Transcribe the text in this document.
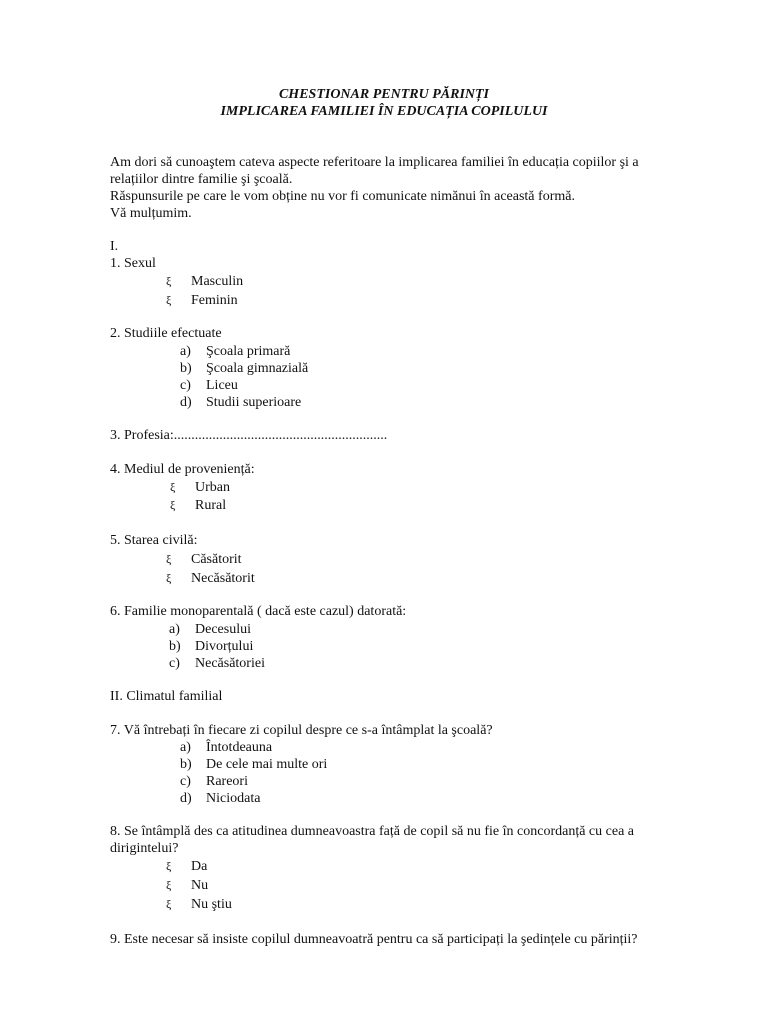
CHESTIONAR PENTRU PĂRINȚI
IMPLICAREA FAMILIEI ÎN EDUCAȚIA COPILULUI
Am dori să cunoaştem cateva aspecte referitoare la implicarea familiei în educația copiilor şi a
relațiilor dintre familie şi şcoală.
Răspunsurile pe care le vom obține nu vor fi comunicate nimănui în această formă.
Vă mulțumim.
I.
1. Sexul
ξ Masculin
ξ Feminin
2. Studiile efectuate
a) Şcoala primară
b) Şcoala gimnazială
c) Liceu
d) Studii superioare
3. Profesia:.............................................................
4. Mediul de proveniență:
ξ Urban
ξ Rural
5. Starea civilă:
ξ Căsătorit
ξ Necăsătorit
6. Familie monoparentală ( dacă este cazul) datorată:
a) Decesului
b) Divorțului
c) Necăsătoriei
II. Climatul familial
7. Vă întrebați în fiecare zi copilul despre ce s-a întâmplat la şcoală?
a) Întotdeauna
b) De cele mai multe ori
c) Rareori
d) Niciodata
8. Se întâmplă des ca atitudinea dumneavoastra față de copil să nu fie în concordanță cu cea a
dirigintelui?
ξ Da
ξ Nu
ξ Nu ştiu
9. Este necesar să insiste copilul dumneavoatră pentru ca să participați la şedințele cu părinții?
